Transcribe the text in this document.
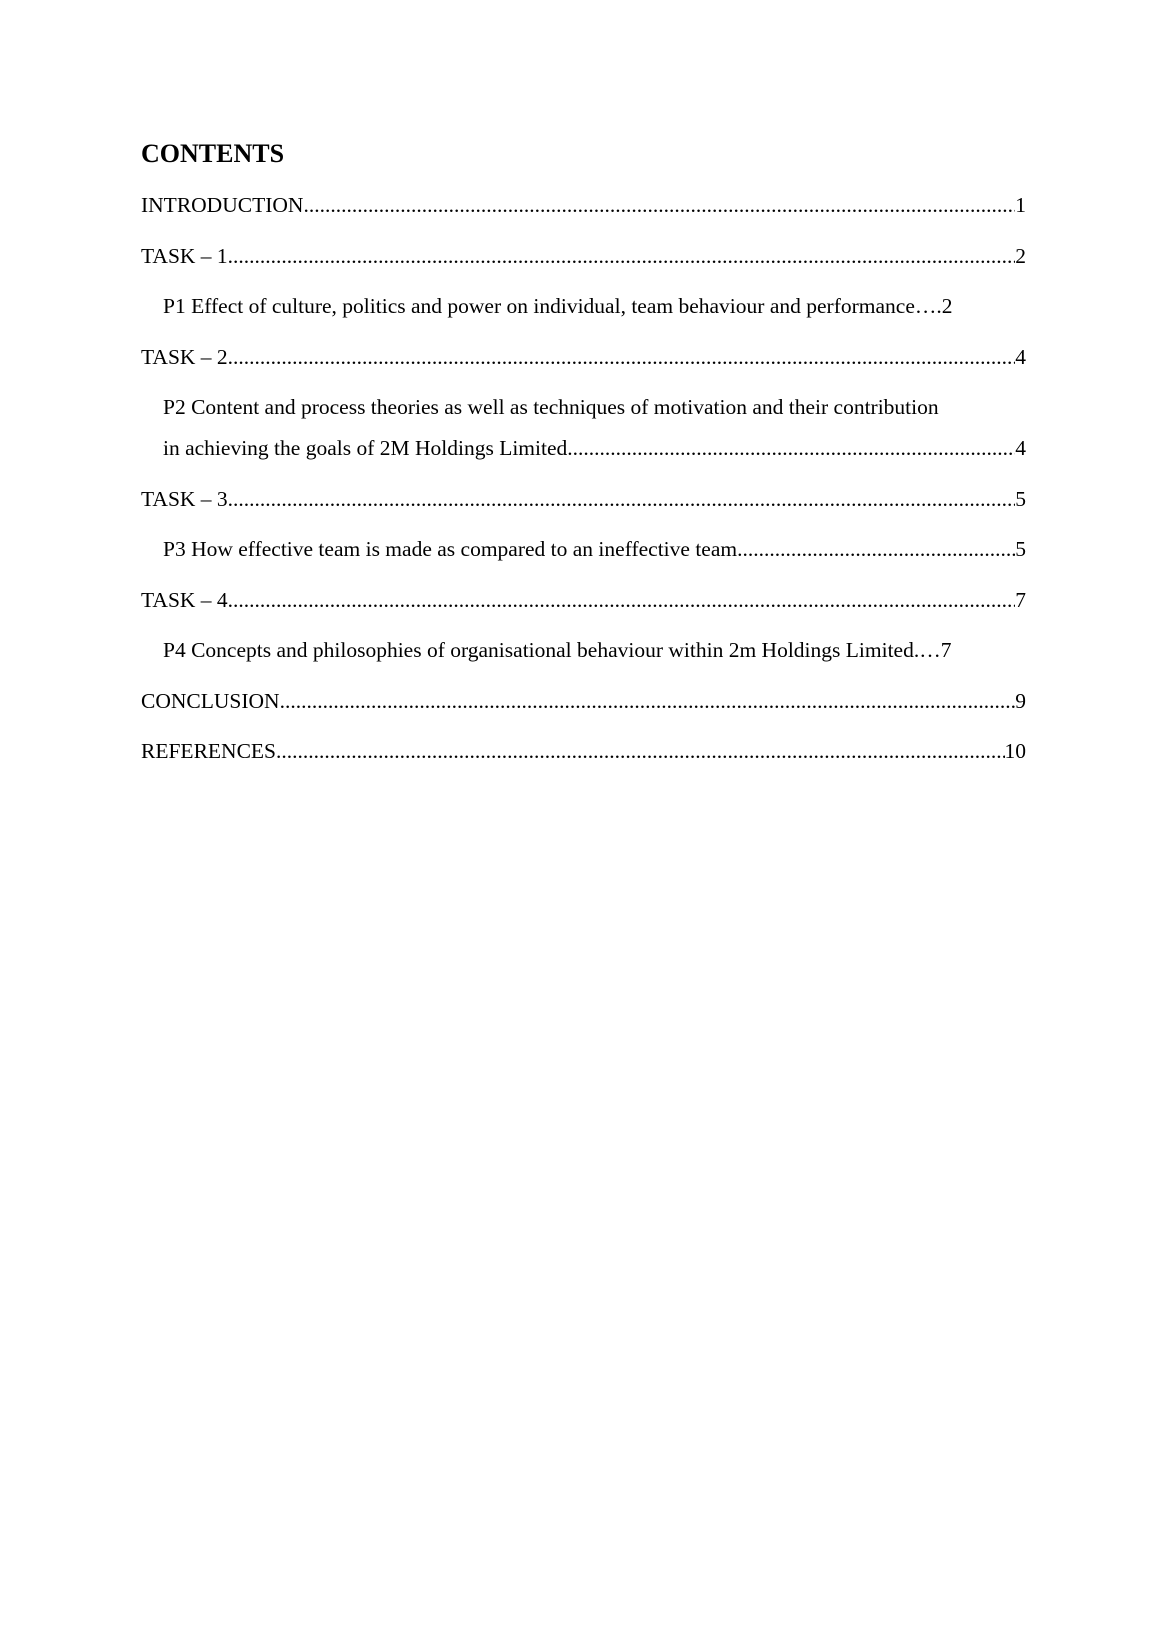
CONTENTS
INTRODUCTION .....	1
TASK – 1 .....	2
P1 Effect of culture, politics and power on individual, team behaviour and performance …. 2
TASK – 2 .....	4
P2 Content and process theories as well as techniques of motivation and their contribution
in achieving the goals of 2M Holdings Limited .....	4
TASK – 3 .....	5
P3 How effective team is made as compared to an ineffective team .....	5
TASK – 4 .....	7
P4 Concepts and philosophies of organisational behaviour within 2m Holdings Limited. … 7
CONCLUSION .....	9
REFERENCES .....	10
